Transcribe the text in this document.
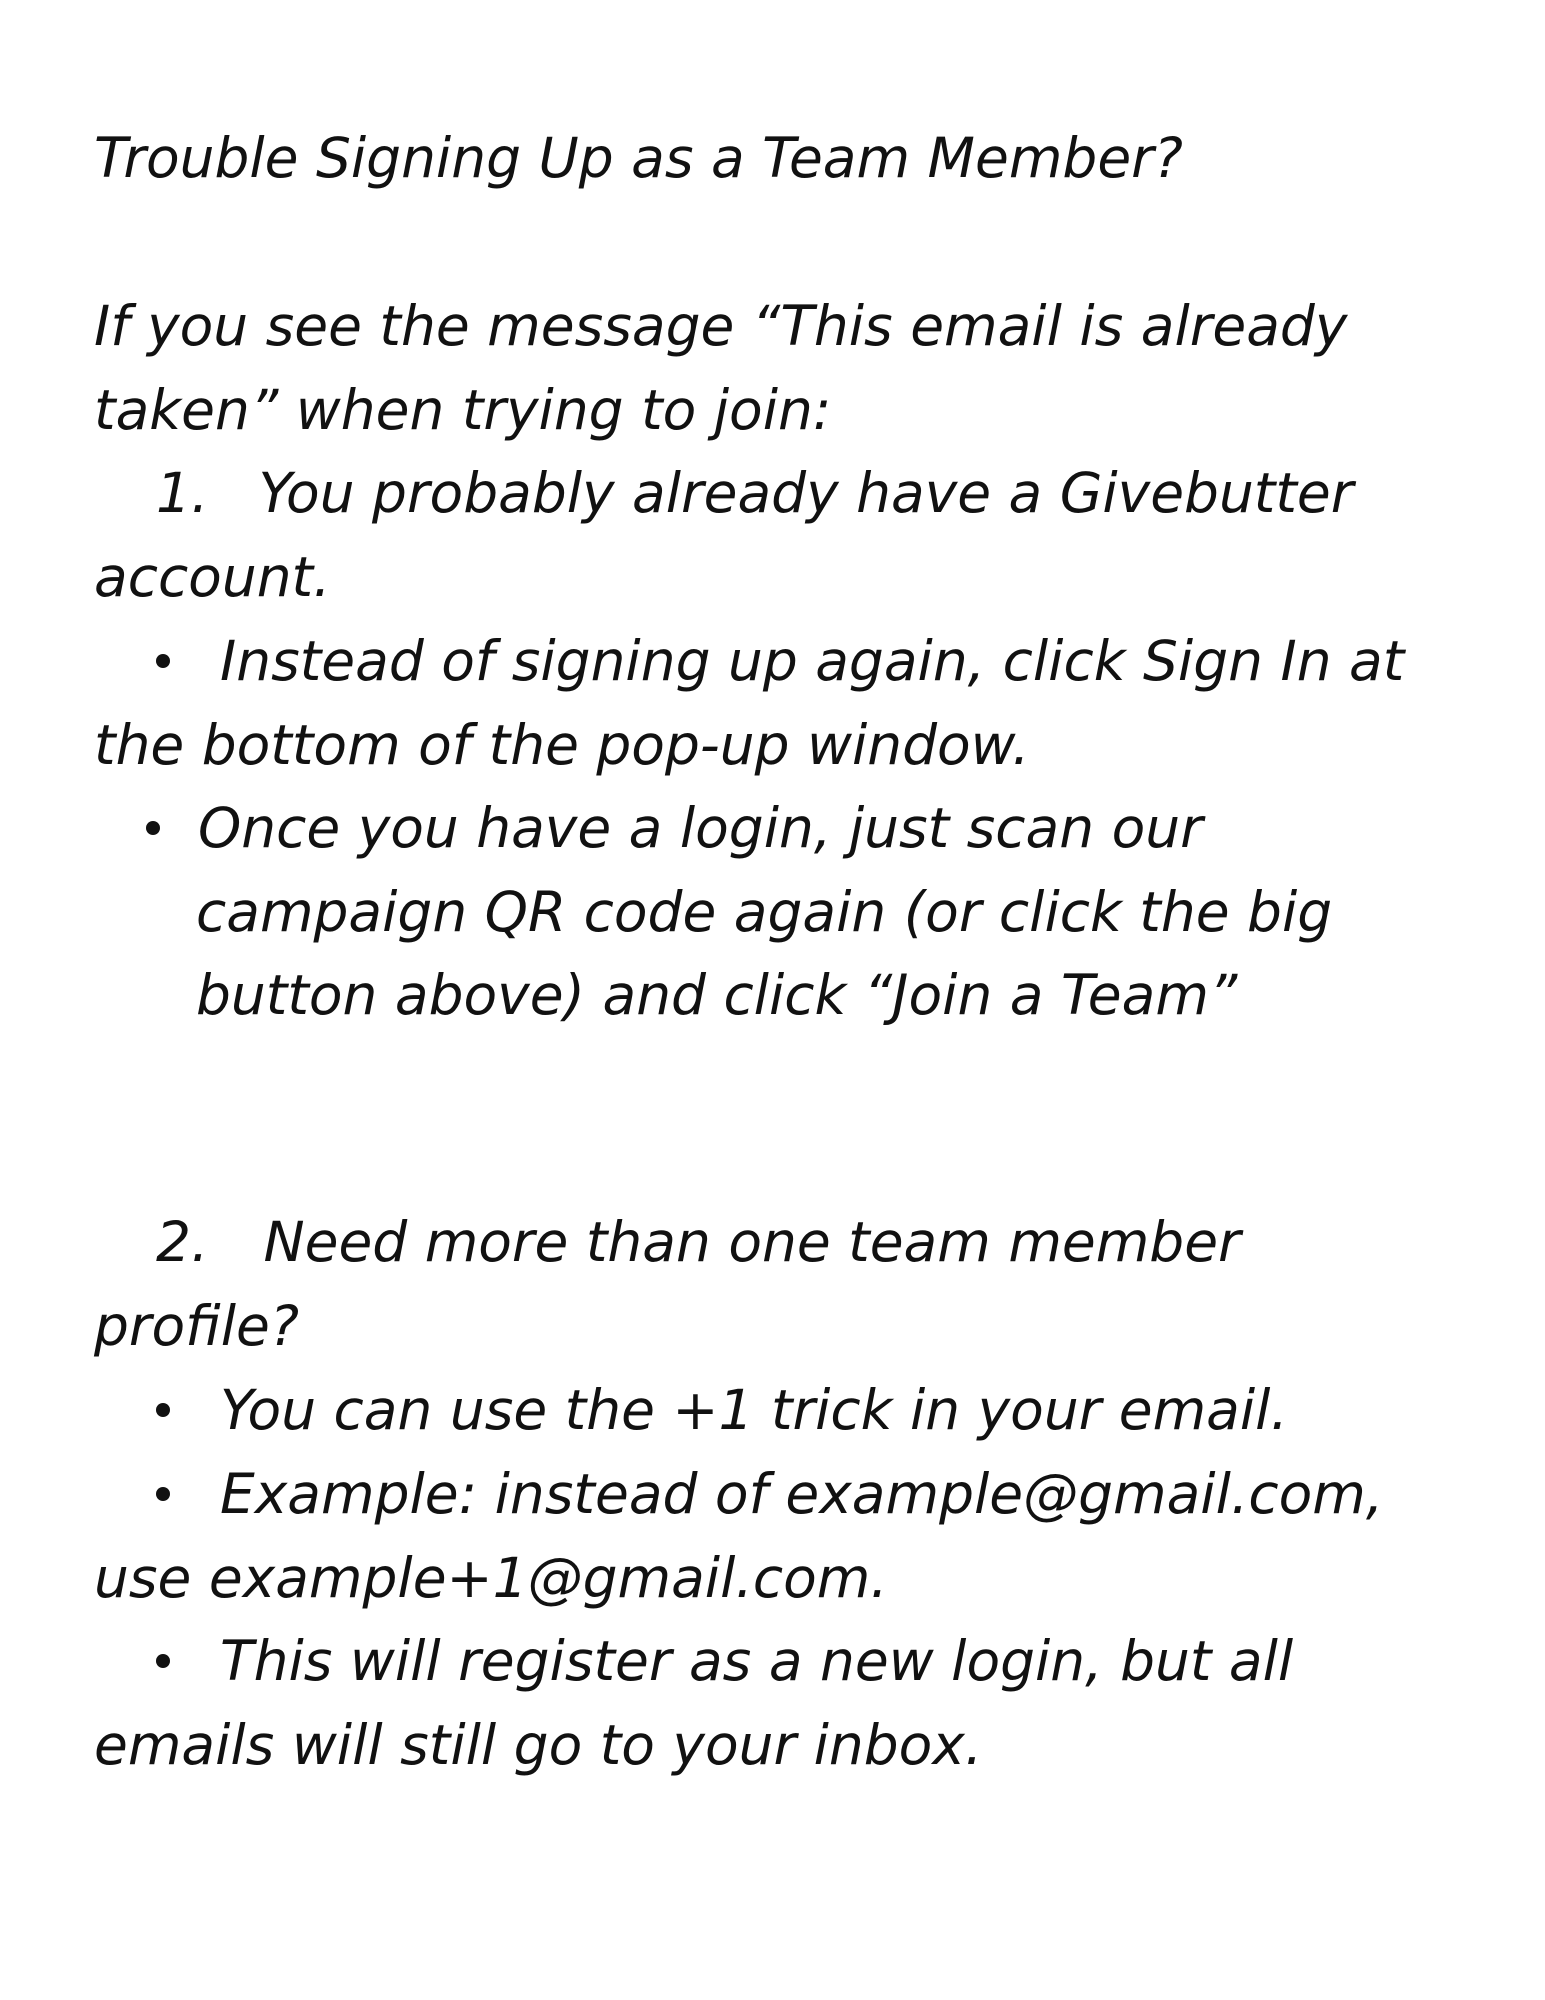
Trouble Signing Up as a Team Member?
If you see the message “This email is already
taken” when trying to join:
1. You probably already have a Givebutter
account.
Instead of signing up again, click Sign In at
the bottom of the pop-up window.
Once you have a login, just scan our
campaign QR code again (or click the big
button above) and click “Join a Team”
2. Need more than one team member
profile?
You can use the +1 trick in your email.
Example: instead of example@gmail.com,
use example+1@gmail.com.
This will register as a new login, but all
emails will still go to your inbox.
